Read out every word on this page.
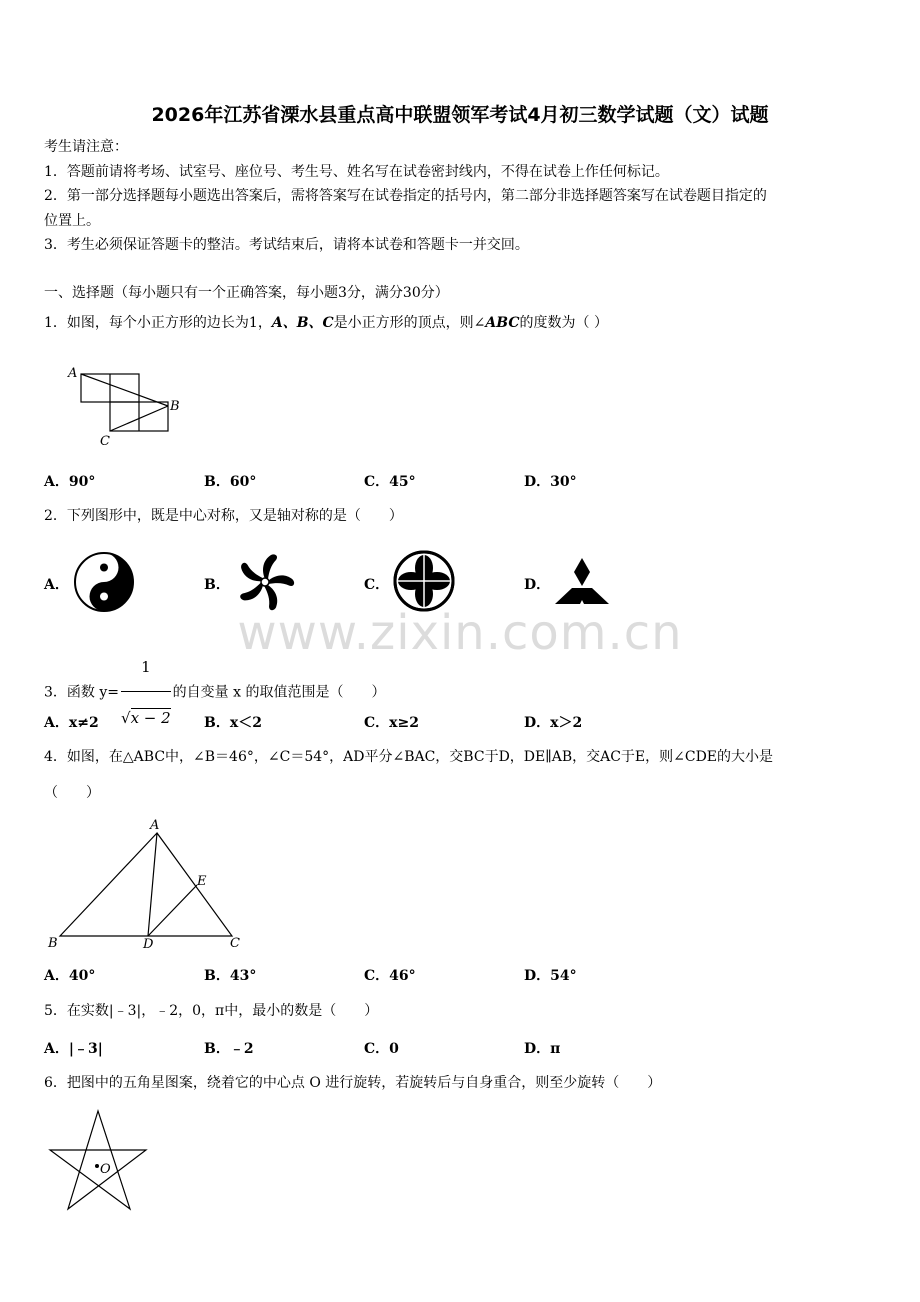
2026年江苏省溧水县重点高中联盟领军考试4月初三数学试题（文）试题
考生请注意：
1．答题前请将考场、试室号、座位号、考生号、姓名写在试卷密封线内，不得在试卷上作任何标记。
2．第一部分选择题每小题选出答案后，需将答案写在试卷指定的括号内，第二部分非选择题答案写在试卷题目指定的
位置上。
3．考生必须保证答题卡的整洁。考试结束后，请将本试卷和答题卡一并交回。
一、选择题（每小题只有一个正确答案，每小题3分，满分30分）
1．如图，每个小正方形的边长为1，A、B、C是小正方形的顶点，则∠ABC的度数为（ ）
A
B
C
A．90°	B．60°	C．45°	D．30°
2．下列图形中，既是中心对称，又是轴对称的是（　　）
A．	B．	C．	D．
www.zixin.com.cn
3．函数 $y= \frac{1}{√x - 2}$ 的自变量 x 的取值范围是（　　）
A．x≠2	B．x＜2	C．x≥2	D．x＞2
4．如图，在△ABC中，∠B＝46°，∠C＝54°，AD平分∠BAC，交BC于D，DE∥AB，交AC于E，则∠CDE的大小是
（　　）
A
B	C
D
E
A．40°	B．43°	C．46°	D．54°
5．在实数|﹣3|，﹣2，0，π中，最小的数是（　　）
A．|﹣3|	B．﹣2	C．0	D．π
6．把图中的五角星图案，绕着它的中心点 O 进行旋转，若旋转后与自身重合，则至少旋转（　　）
O
